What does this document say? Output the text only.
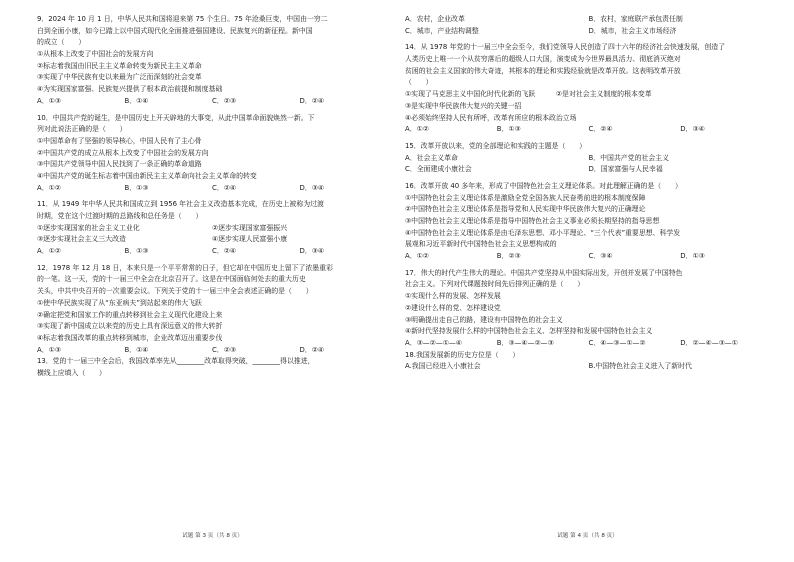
9．2024 年 10 月 1 日，中华人民共和国将迎来第 75 个生日。75 年沧桑巨变，中国由一穷二
白到全面小康，如今已踏上以中国式现代化全面推进强国建设、民族复兴的新征程。新中国
的成立（　　）
①从根本上改变了中国社会的发展方向
②标志着我国由旧民主主义革命转变为新民主主义革命
③实现了中华民族有史以来最为广泛而深刻的社会变革
④为实现国家富强、民族复兴提供了根本政治前提和制度基础
A．①③	B．①④	C．②③	D．②④
10．中国共产党的诞生，是中国历史上开天辟地的大事变，从此中国革命面貌焕然一新。下
列对此说法正确的是（　　）
①中国革命有了坚强的领导核心，中国人民有了主心骨
②中国共产党的成立从根本上改变了中国社会的发展方向
③中国共产党领导中国人民找到了一条正确的革命道路
④中国共产党的诞生标志着中国由新民主主义革命向社会主义革命的转变
A．①②	B．①③	C．②④	D．③④
11．从 1949 年中华人民共和国成立到 1956 年社会主义改造基本完成，在历史上被称为过渡
时期，党在这个过渡时期的总路线和总任务是（　　）
①逐步实现国家的社会主义工业化	②逐步实现国家富强振兴
③逐步实现社会主义三大改造	④逐步实现人民富强小康
A．①②	B．①③	C．②④	D．③④
12．1978 年 12 月 18 日，本来只是一个平平常常的日子，但它却在中国历史上留下了浓墨重彩
的一笔。这一天，党的十一届三中全会在北京召开了。这是在中国面临何处去的重大历史
关头，中共中央召开的一次重要会议。下列关于党的十一届三中全会表述正确的是（　　）
①使中华民族实现了从“东亚病夫”到站起来的伟大飞跃
②确定把党和国家工作的重点转移到社会主义现代化建设上来
③实现了新中国成立以来党的历史上具有深远意义的伟大转折
④标志着我国改革的重点转移到城市，企业改革迈出重要步伐
A．①③	B．①④	C．②③	D．②④
13．党的十一届三中全会后，我国改革率先从________改革取得突破，________得以推进，
横线上应填入（　　）
试题 第 3 页（共 8 页）
A．农村，企业改革	B．农村，家庭联产承包责任制
C．城市，产业结构调整	D．城市，社会主义市场经济
14．从 1978 年党的十一届三中全会至今，我们党领导人民创造了四十六年的经济社会快速发展，创造了
人类历史上唯一一个从贫穷落后的超级人口大国，演变成为今世界最具活力、彻底消灭绝对
贫困的社会主义国家的伟大奇迹，其根本的理论和实践经验就是改革开放。这表明改革开放
（　　）
①实现了马克思主义中国化时代化新的飞跃　　　②是对社会主义制度的根本变革
③是实现中华民族伟大复兴的关键一招
④必须始终坚持人民有所呼，改革有所应的根本政治立场
A．①②	B．①③	C．②④	D．③④
15．改革开放以来，党的全部理论和实践的主题是（　　）
A．社会主义革命	B．中国共产党的社会主义
C．全面建成小康社会	D．国家富强与人民幸福
16．改革开放 40 多年来，形成了中国特色社会主义理论体系。对此理解正确的是（　　）
①中国特色社会主义理论体系是激励全党全国各族人民奋勇前进的根本制度保障
②中国特色社会主义理论体系是指导党和人民实现中华民族伟大复兴的正确理论
③中国特色社会主义理论体系是指导中国特色社会主义事业必须长期坚持的指导思想
④中国特色社会主义理论体系是由毛泽东思想、邓小平理论、“三个代表”重要思想、科学发
展观和习近平新时代中国特色社会主义思想构成的
A．①②	B．②③	C．③④	D．①③
17．伟大的时代产生伟大的理论。中国共产党坚持从中国实际出发，开创并发展了中国特色
社会主义。下列对代课题按时间先后排列正确的是（　　）
①实现什么样的发展、怎样发展
②建设什么样的党、怎样建设党
③明确提出走自己的路，建设有中国特色的社会主义
④新时代坚持发展什么样的中国特色社会主义、怎样坚持和发展中国特色社会主义
A．③—②—①—④	B．③—④—②—③	C．④—③—①—②	D．②—④—③—①
18.我国发展新的历史方位是（　　）
A.我国已经进入小康社会	B.中国特色社会主义进入了新时代
试题 第 4 页（共 8 页）
